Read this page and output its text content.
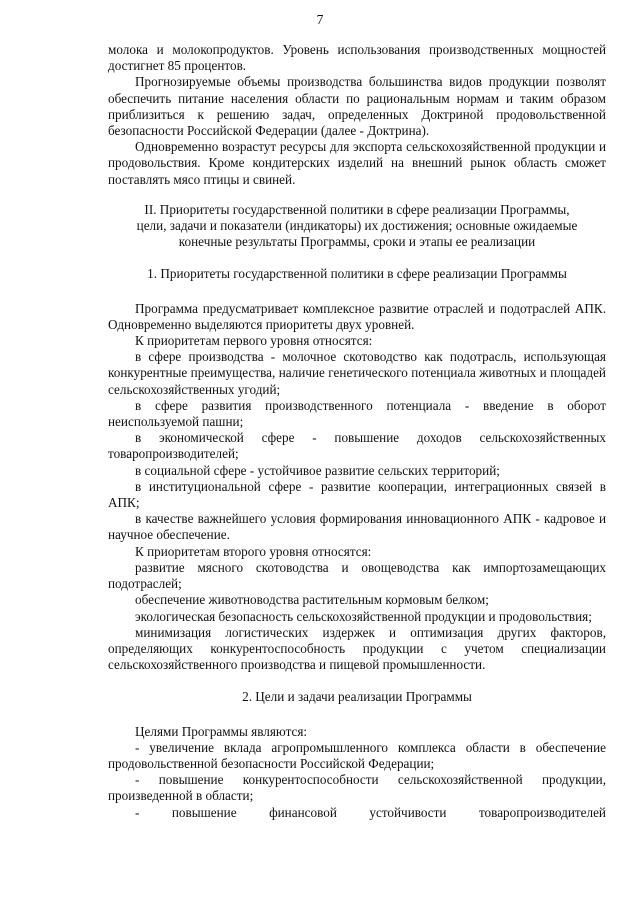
7

молока и молокопродуктов. Уровень использования производственных мощностей достигнет 85 процентов.

Прогнозируемые объемы производства большинства видов продукции позволят обеспечить питание населения области по рациональным нормам и таким образом приблизиться к решению задач, определенных Доктриной продовольственной безопасности Российской Федерации (далее - Доктрина).

Одновременно возрастут ресурсы для экспорта сельскохозяйственной продукции и продовольствия. Кроме кондитерских изделий на внешний рынок область сможет поставлять мясо птицы и свиней.

II. Приоритеты государственной политики в сфере реализации Программы,

цели, задачи и показатели (индикаторы) их достижения; основные ожидаемые

конечные результаты Программы, сроки и этапы ее реализации

1. Приоритеты государственной политики в сфере реализации Программы

Программа предусматривает комплексное развитие отраслей и подотраслей АПК. Одновременно выделяются приоритеты двух уровней.

К приоритетам первого уровня относятся:

в сфере производства - молочное скотоводство как подотрасль, использующая конкурентные преимущества, наличие генетического потенциала животных и площадей сельскохозяйственных угодий;

в сфере развития производственного потенциала - введение в оборот неиспользуемой пашни;

в экономической сфере - повышение доходов сельскохозяйственных товаропроизводителей;

в социальной сфере - устойчивое развитие сельских территорий;

в институциональной сфере - развитие кооперации, интеграционных связей в АПК;

в качестве важнейшего условия формирования инновационного АПК - кадровое и научное обеспечение.

К приоритетам второго уровня относятся:

развитие мясного скотоводства и овощеводства как импортозамещающих подотраслей;

обеспечение животноводства растительным кормовым белком;

экологическая безопасность сельскохозяйственной продукции и продовольствия;

минимизация логистических издержек и оптимизация других факторов, определяющих конкурентоспособность продукции с учетом специализации сельскохозяйственного производства и пищевой промышленности.

2. Цели и задачи реализации Программы

Целями Программы являются:

- увеличение вклада агропромышленного комплекса области в обеспечение продовольственной безопасности Российской Федерации;

- повышение конкурентоспособности сельскохозяйственной продукции, произведенной в области;

- повышение финансовой устойчивости товаропроизводителей
